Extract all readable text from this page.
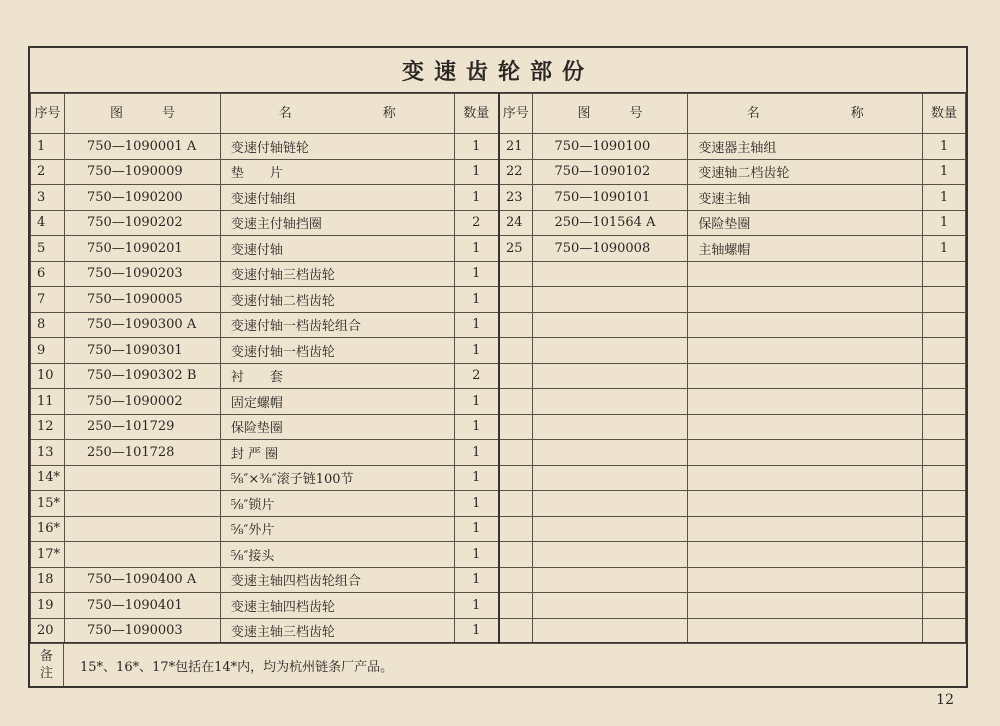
变速齿轮部份
序号	图　　　号	名　　　　　　　称	数量	序号	图　　　号	名　　　　　　　称	数量
1	750—1090001 A	变速付轴链轮	1	21	750—1090100	变速器主轴组	1
2	750—1090009	垫　　片	1	22	750—1090102	变速轴二档齿轮	1
3	750—1090200	变速付轴组	1	23	750—1090101	变速主轴	1
4	750—1090202	变速主付轴挡圈	2	24	250—101564 A	保险垫圈	1
5	750—1090201	变速付轴	1	25	750—1090008	主轴螺帽	1
6	750—1090203	变速付轴三档齿轮	1				
7	750—1090005	变速付轴二档齿轮	1				
8	750—1090300 A	变速付轴一档齿轮组合	1				
9	750—1090301	变速付轴一档齿轮	1				
10	750—1090302 B	衬　　套	2				
11	750—1090002	固定螺帽	1				
12	250—101729	保险垫圈	1				
13	250—101728	封 严 圈	1				
14*		⅝″×⅜″滚子链100节	1				
15*		⅝″锁片	1				
16*		⅝″外片	1				
17*		⅝″接头	1				
18	750—1090400 A	变速主轴四档齿轮组合	1				
19	750—1090401	变速主轴四档齿轮	1				
20	750—1090003	变速主轴三档齿轮	1				
备
注 15*、16*、17*包括在14*内，均为杭州链条厂产品。
12
